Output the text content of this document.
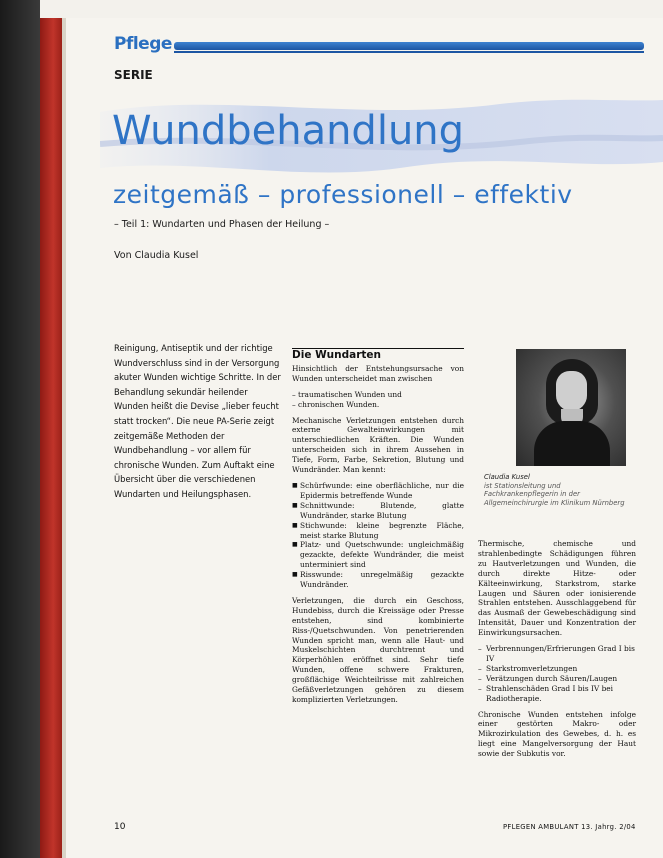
Pflege
SERIE
Wundbehandlung
zeitgemäß – professionell – effektiv
– Teil 1: Wundarten und Phasen der Heilung –
Von Claudia Kusel
Reinigung, Antiseptik und der richtige Wundverschluss sind in der Versorgung akuter Wunden wichtige Schritte. In der Behandlung sekundär heilender Wunden heißt die Devise „lieber feucht statt trocken“. Die neue PA-Serie zeigt zeitgemäße Methoden der Wundbehandlung – vor allem für chronische Wunden. Zum Auftakt eine Übersicht über die verschiedenen Wundarten und Heilungsphasen.
Die Wundarten

Hinsichtlich der Entstehungsursache von Wunden unterscheidet man zwischen

– traumatischen Wunden und
– chronischen Wunden.

Mechanische Verletzungen entstehen durch externe Gewalteinwirkungen mit unterschiedlichen Kräften. Die Wunden unterscheiden sich in ihrem Aussehen in Tiefe, Form, Farbe, Sekretion, Blutung und Wundränder. Man kennt:

■ Schürfwunde: eine oberflächliche, nur die Epidermis betreffende Wunde
■ Schnittwunde: Blutende, glatte Wundränder, starke Blutung
■ Stichwunde: kleine begrenzte Fläche, meist starke Blutung
■ Platz- und Quetschwunde: ungleichmäßig gezackte, defekte Wundränder, die meist unterminiert sind
■ Risswunde: unregelmäßig gezackte Wundränder.

Verletzungen, die durch ein Geschoss, Hundebiss, durch die Kreissäge oder Presse entstehen, sind kombinierte Riss-/Quetschwunden. Von penetrierenden Wunden spricht man, wenn alle Haut- und Muskelschichten durchtrennt und Körperhöhlen eröffnet sind. Sehr tiefe Wunden, offene schwere Frakturen, großflächige Weichteilrisse mit zahlreichen Gefäßverletzungen gehören zu diesem komplizierten Verletzungen.

Claudia Kusel
ist Stationsleitung und Fachkrankenpflegerin in der Allgemeinchirurgie im Klinikum Nürnberg

Thermische, chemische und strahlenbedingte Schädigungen führen zu Hautverletzungen und Wunden, die durch direkte Hitze- oder Kälteeinwirkung, Starkstrom, starke Laugen und Säuren oder ionisierende Strahlen entstehen. Ausschlaggebend für das Ausmaß der Gewebeschädigung sind Intensität, Dauer und Konzentration der Einwirkungsursachen.

– Verbrennungen/Erfrierungen Grad I bis IV
– Starkstromverletzungen
– Verätzungen durch Säuren/Laugen
– Strahlenschäden Grad I bis IV bei Radiotherapie.

Chronische Wunden entstehen infolge einer gestörten Makro- oder Mikrozirkulation des Gewebes, d. h. es liegt eine Mangelversorgung der Haut sowie der Subkutis vor.

10	PFLEGEN AMBULANT 13. Jahrg. 2/04
